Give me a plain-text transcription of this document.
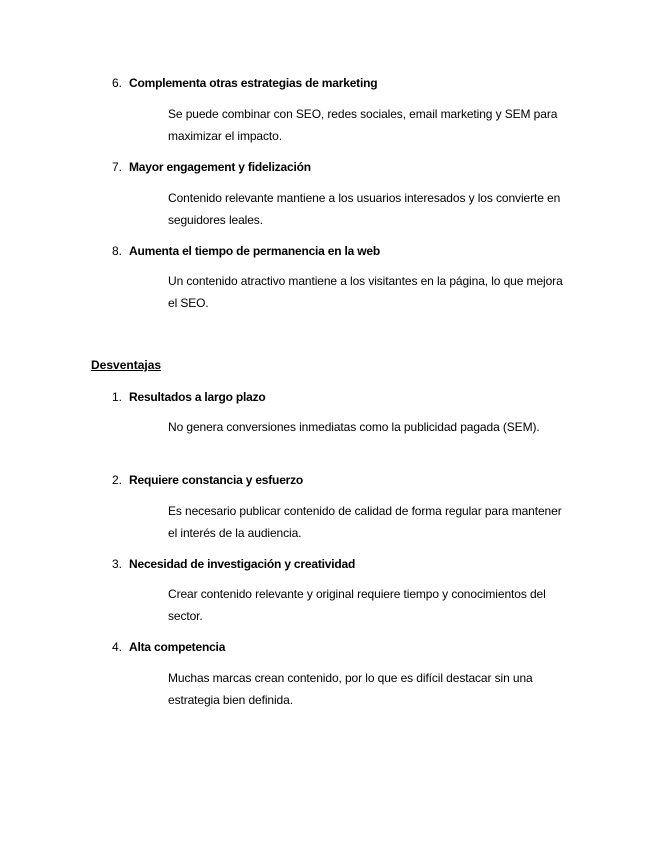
6. Complementa otras estrategias de marketing
Se puede combinar con SEO, redes sociales, email marketing y SEM para maximizar el impacto.
7. Mayor engagement y fidelización
Contenido relevante mantiene a los usuarios interesados y los convierte en seguidores leales.
8. Aumenta el tiempo de permanencia en la web
Un contenido atractivo mantiene a los visitantes en la página, lo que mejora el SEO.
Desventajas
1. Resultados a largo plazo
No genera conversiones inmediatas como la publicidad pagada (SEM).
2. Requiere constancia y esfuerzo
Es necesario publicar contenido de calidad de forma regular para mantener el interés de la audiencia.
3. Necesidad de investigación y creatividad
Crear contenido relevante y original requiere tiempo y conocimientos del sector.
4. Alta competencia
Muchas marcas crean contenido, por lo que es difícil destacar sin una estrategia bien definida.
